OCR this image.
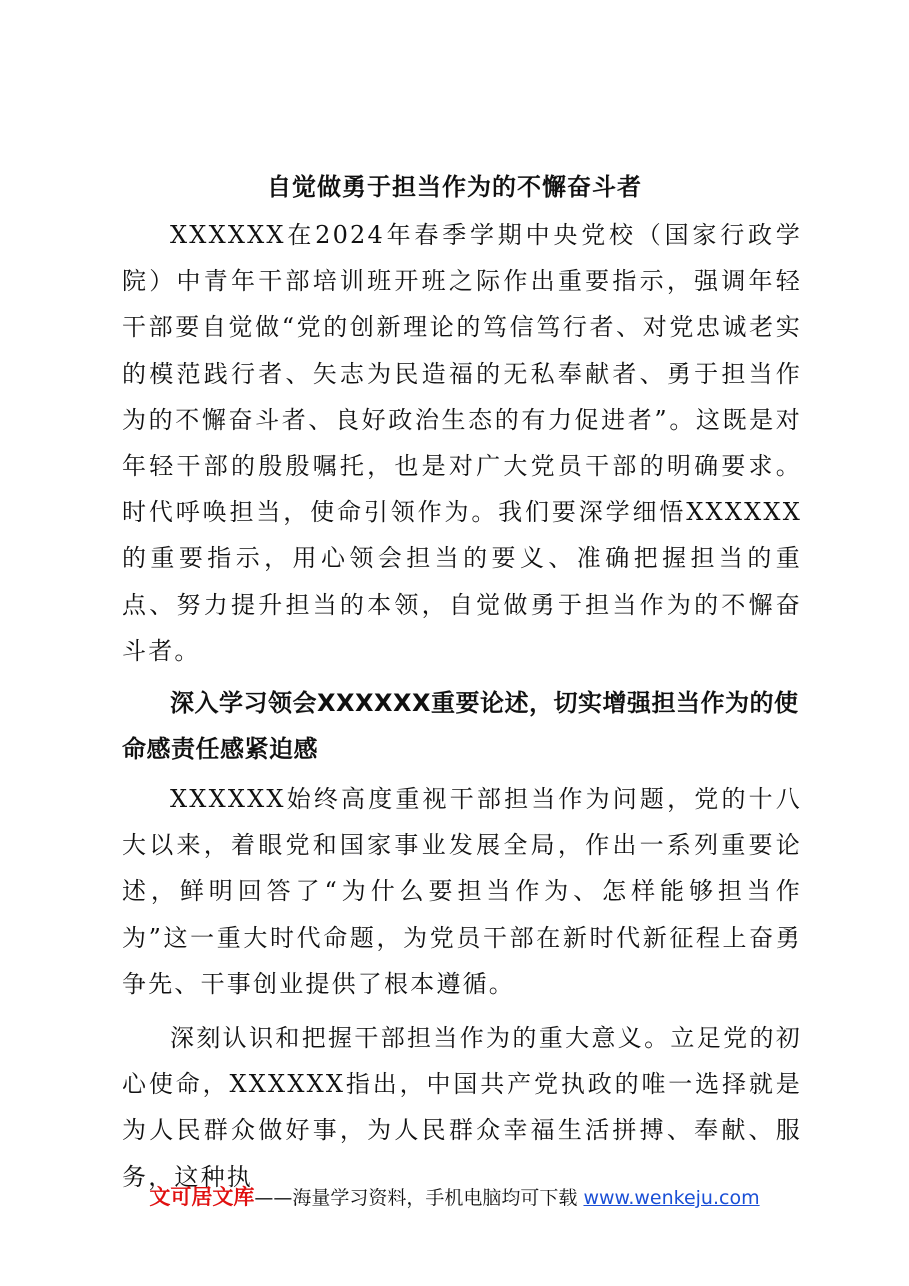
自觉做勇于担当作为的不懈奋斗者

XXXXXX在2024年春季学期中央党校（国家行政学院）中青年干部培训班开班之际作出重要指示，强调年轻干部要自觉做“党的创新理论的笃信笃行者、对党忠诚老实的模范践行者、矢志为民造福的无私奉献者、勇于担当作为的不懈奋斗者、良好政治生态的有力促进者”。这既是对年轻干部的殷殷嘱托，也是对广大党员干部的明确要求。时代呼唤担当，使命引领作为。我们要深学细悟XXXXXX的重要指示，用心领会担当的要义、准确把握担当的重点、努力提升担当的本领，自觉做勇于担当作为的不懈奋斗者。

深入学习领会XXXXXX重要论述，切实增强担当作为的使命感责任感紧迫感

XXXXXX始终高度重视干部担当作为问题，党的十八大以来，着眼党和国家事业发展全局，作出一系列重要论述，鲜明回答了“为什么要担当作为、怎样能够担当作为”这一重大时代命题，为党员干部在新时代新征程上奋勇争先、干事创业提供了根本遵循。

深刻认识和把握干部担当作为的重大意义。立足党的初心使命，XXXXXX指出，中国共产党执政的唯一选择就是为人民群众做好事，为人民群众幸福生活拼搏、奉献、服务，这种执

文可居文库——海量学习资料，手机电脑均可下载 www.wenkeju.com
